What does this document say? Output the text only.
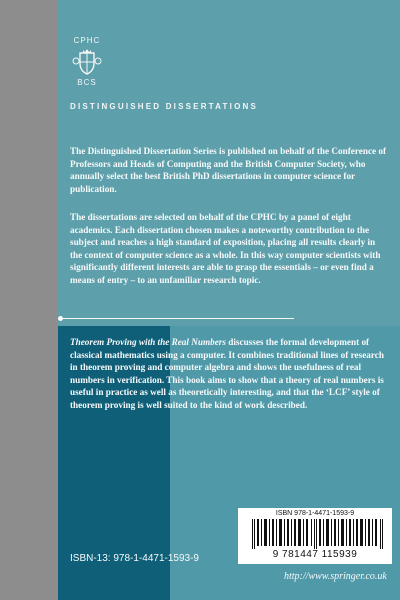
CPHC
BCS
DISTINGUISHED DISSERTATIONS

The Distinguished Dissertation Series is published on behalf of the Conference of Professors and Heads of Computing and the British Computer Society, who annually select the best British PhD dissertations in computer science for publication.

The dissertations are selected on behalf of the CPHC by a panel of eight academics. Each dissertation chosen makes a noteworthy contribution to the subject and reaches a high standard of exposition, placing all results clearly in the context of computer science as a whole. In this way computer scientists with significantly different interests are able to grasp the essentials – or even find a means of entry – to an unfamiliar research topic.

Theorem Proving with the Real Numbers discusses the formal development of classical mathematics using a computer. It combines traditional lines of research in theorem proving and computer algebra and shows the usefulness of real numbers in verification. This book aims to show that a theory of real numbers is useful in practice as well as theoretically interesting, and that the ‘LCF’ style of theorem proving is well suited to the kind of work described.

ISBN-13: 978-1-4471-1593-9
ISBN 978-1-4471-1593-9
9 781447 115939
http://www.springer.co.uk
